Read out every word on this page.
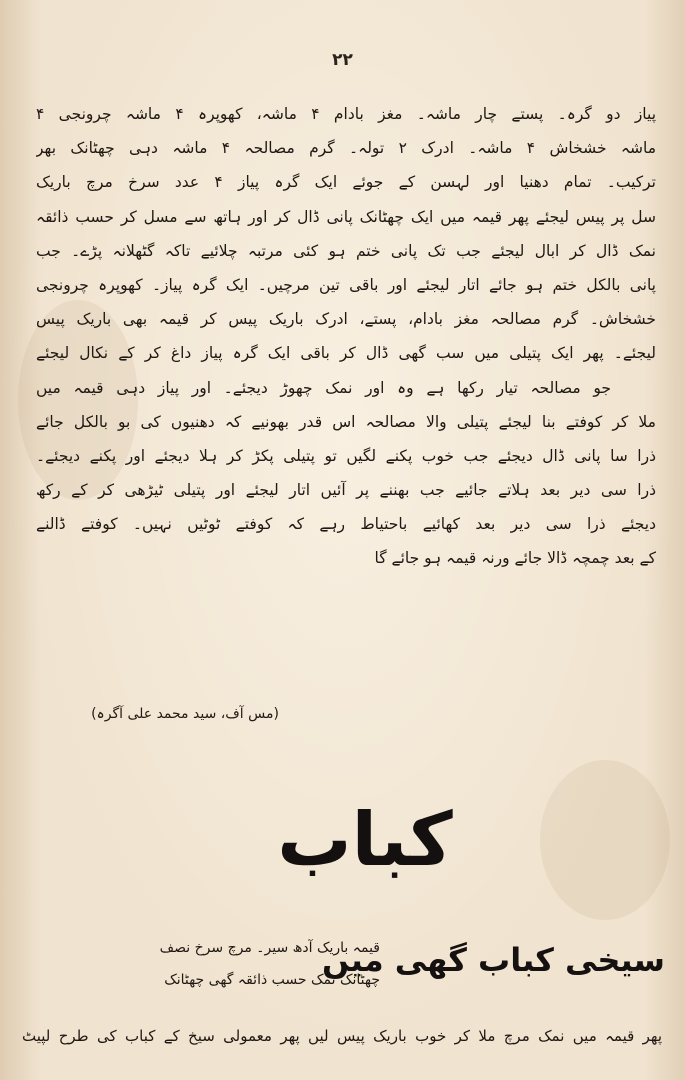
۲۲
پیاز دو گرہ۔ پستے چار ماشہ۔ مغز بادام ۴ ماشہ، کھوپرہ ۴ ماشہ چرونجی ۴
ماشہ خشخاش ۴ ماشہ۔ ادرک ۲ تولہ۔ گرم مصالحہ ۴ ماشہ دہی چھٹانک بھر
ترکیب۔ تمام دھنیا اور لہسن کے جوئے ایک گرہ پیاز ۴ عدد سرخ مرچ باریک
سل پر پیس لیجئے پھر قیمہ میں ایک چھٹانک پانی ڈال کر اور ہاتھ سے مسل کر حسب ذائقہ
نمک ڈال کر ابال لیجئے جب تک پانی ختم ہو کئی مرتبہ چلائیے تاکہ گٹھلانہ پڑے۔ جب
پانی بالکل ختم ہو جائے اتار لیجئے اور باقی تین مرچیں۔ ایک گرہ پیاز۔ کھوپرہ چرونجی
خشخاش۔ گرم مصالحہ مغز بادام، پستے، ادرک باریک پیس کر قیمہ بھی باریک پیس
لیجئے۔ پھر ایک پتیلی میں سب گھی ڈال کر باقی ایک گرہ پیاز داغ کر کے نکال لیجئے
جو مصالحہ تیار رکھا ہے وہ اور نمک چھوڑ دیجئے۔ اور پیاز دہی قیمہ میں
ملا کر کوفتے بنا لیجئے پتیلی والا مصالحہ اس قدر بھونیے کہ دھنیوں کی بو بالکل جائے
ذرا سا پانی ڈال دیجئے جب خوب پکنے لگیں تو پتیلی پکڑ کر ہلا دیجئے اور پکنے دیجئے۔
ذرا سی دیر بعد ہلاتے جائیے جب بھننے پر آئیں اتار لیجئے اور پتیلی ٹیڑھی کر کے رکھ
دیجئے ذرا سی دیر بعد کھائیے باحتیاط رہے کہ کوفتے ٹوٹیں نہیں۔ کوفتے ڈالنے
کے بعد چمچہ ڈالا جائے ورنہ قیمہ ہو جائے گا
(مس آف، سید محمد علی آگرہ)
کباب
سیخی کباب گھی میں
قیمہ باریک آدھ سیر۔ مرچ سرخ نصف
چھٹانک نمک حسب ذائقہ گھی چھٹانک
پھر قیمہ میں نمک مرچ ملا کر خوب باریک پیس لیں پھر معمولی سیخ کے کباب کی طرح لپیٹ
